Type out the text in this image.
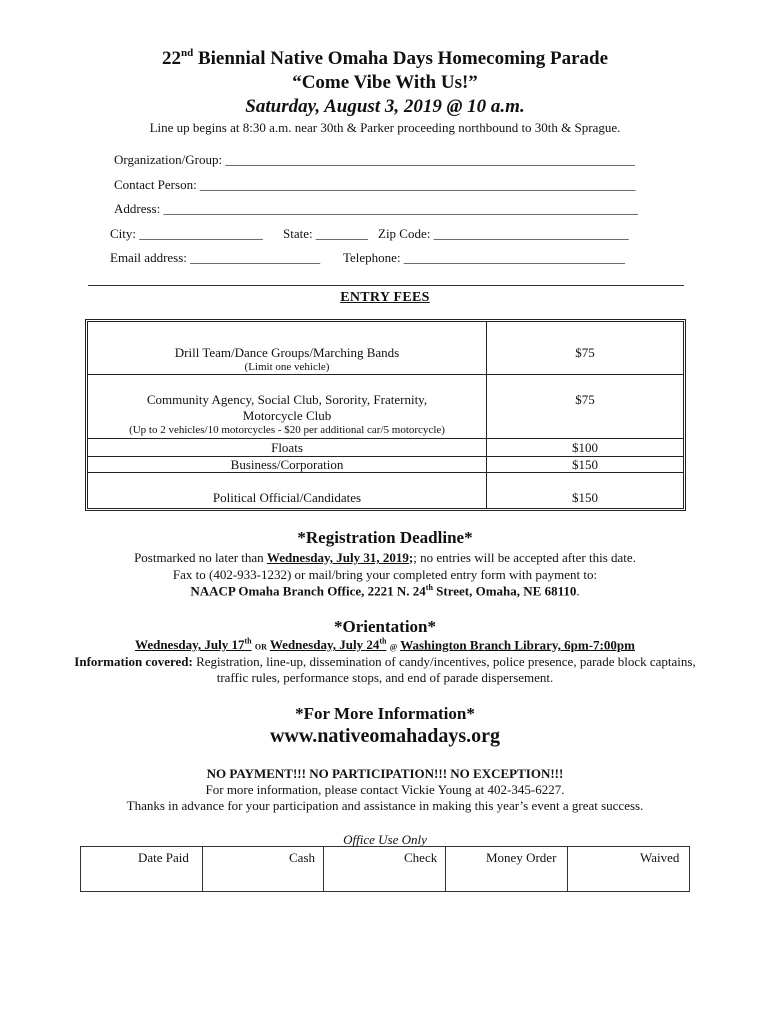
22nd Biennial Native Omaha Days Homecoming Parade
“Come Vibe With Us!”
Saturday, August 3, 2019 @ 10 a.m.
Line up begins at 8:30 a.m. near 30th & Parker proceeding northbound to 30th & Sprague.
Organization/Group: _______________________________________________________________
Contact Person: ___________________________________________________________________
Address: _________________________________________________________________________
City: ___________________ State: ________ Zip Code: ______________________________
Email address: ____________________ Telephone: __________________________________
ENTRY FEES
Drill Team/Dance Groups/Marching Bands
(Limit one vehicle)
$75
Community Agency, Social Club, Sorority, Fraternity,
Motorcycle Club
(Up to 2 vehicles/10 motorcycles - $20 per additional car/5 motorcycle)
$75
Floats	$100
Business/Corporation	$150
Political Official/Candidates	$150
*Registration Deadline*
Postmarked no later than Wednesday, July 31, 2019;; no entries will be accepted after this date.
Fax to (402-933-1232) or mail/bring your completed entry form with payment to:
NAACP Omaha Branch Office, 2221 N. 24th Street, Omaha, NE 68110.
*Orientation*
Wednesday, July 17th OR Wednesday, July 24th @ Washington Branch Library, 6pm-7:00pm
Information covered: Registration, line-up, dissemination of candy/incentives, police presence, parade block captains,
traffic rules, performance stops, and end of parade dispersement.
*For More Information*
www.nativeomahadays.org
NO PAYMENT!!! NO PARTICIPATION!!! NO EXCEPTION!!!
For more information, please contact Vickie Young at 402-345-6227.
Thanks in advance for your participation and assistance in making this year’s event a great success.
Office Use Only
Date Paid	Cash	Check	Money Order	Waived
